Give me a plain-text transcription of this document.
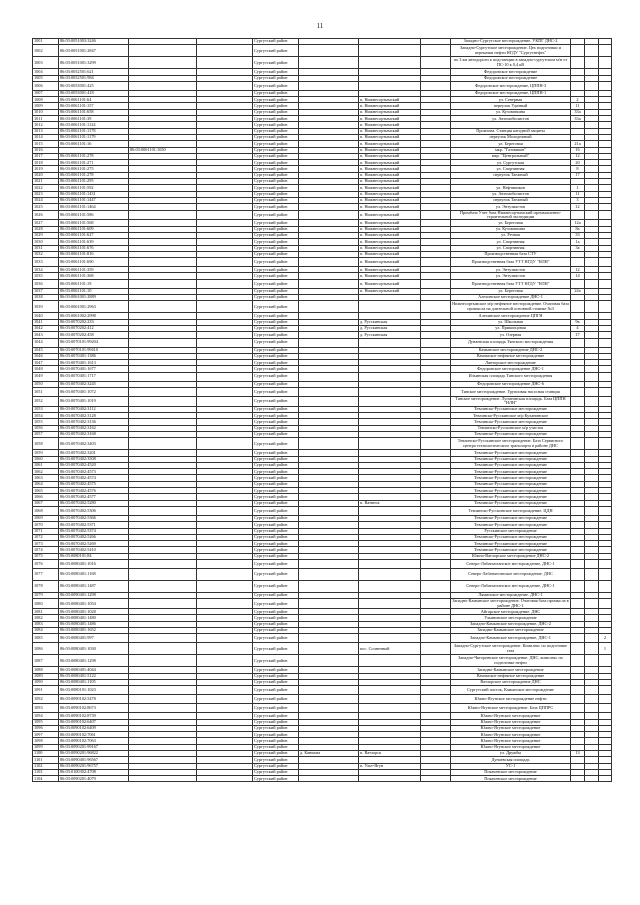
11
1001	86:03:0051003:3246			Сургутский район				Западно-Сургутское месторождение. УКПГ ДНС-2			
1002	86:03:0051001:2847			Сургутский район				Западно-Сургутское месторождение. Цех подготовки и перекачки нефти НГДУ "Сургутнефть"			
1003	86:03:0051001:3299			Сургутский район				по 3 км автодороги к подстанции в западно-сургутском м/н от ПС-10 к 0,4 кВ			
1004	86:03:0052501:621			Сургутский район				Федоровское месторождение			
1005	86:03:0052501:984			Сургутский район				Федоровское месторождение			
1006	86:03:0053001:425			Сургутский район				Федоровское месторождение, ЦППН-3			
1007	86:03:0053001:418			Сургутский район				Федоровское месторождение, ЦППН-1			
1008	86:03:0061101:64			Сургутский район		п. Нижнесортымский		ул. Северная	2		
1009	86:03:0061101:157			Сургутский район		п. Нижнесортымский		переулок Удачный	11		
1010	86:03:0061101:658			Сургутский район		п. Нижнесортымский		ул. Кузоваткина	33а		
1011	86:03:0061101:39			Сургутский район		п. Нижнесортымский		ул. Автомобилистов	33а		
1012	86:03:0061101:1124			Сургутский район		п. Нижнесортымский					
1013	86:03:0061101:1178			Сургутский район		п. Нижнесортымский		Промзона. Станция катодной защиты			
1014	86:03:0061101:1179			Сургутский район		п. Нижнесортымский		переулок Молодежный			
1015	86:03:0061101:16			Сургутский район		п. Нижнесортымский		ул. Береговая	21а		
1016		86:03:0061101:1650		Сургутский район		п. Нижнесортымский		мкр. "Газовиков"	16		
1017	86:03:0061101:278			Сургутский район		п. Нижнесортымский		мкр. "Центральный"	12		
1018	86:03:0061101:271			Сургутский район		п. Нижнесортымский		ул. Сургутская	20		
1019	86:03:0061101:275			Сургутский район		п. Нижнесортымский		ул. Спортивная	8		
1020	86:03:0061101:278			Сургутский район		п. Нижнесортымский		переулок Таежный	17		
1021	86:03:0061101:295			Сургутский район		п. Нижнесортымский					
1022	86:03:0061101:592			Сургутский район		п. Нижнесортымский		ул. Нефтяников	1		
1023	86:03:0061101:1431			Сургутский район		п. Нижнесортымский		ул. Автомобилистов	11		
1024	86:03:0061101:1447			Сургутский район		п. Нижнесортымский		переулок Таежный	3		
1025	86:03:0061101:1464			Сургутский район		п. Нижнесортымский		ул. Энтузиастов	12		
1026	86:03:0061101:586			Сургутский район		п. Нижнесортымский		Промбаза Учет база Нижнесортымский промышленно-строительной экспедиции			
1027	86:03:0061101:568			Сургутский район		п. Нижнесортымский		ул. Береговая	12а		
1028	86:03:0061101:609			Сургутский район		п. Нижнесортымский		ул. Кузоваткина	8а		
1029	86:03:0061101:627			Сургутский район		п. Нижнесортымский		ул. Речная	33		
1030	86:03:0061101:639			Сургутский район		п. Нижнесортымский		ул. Спортивная	1а		
1031	86:03:0061101:676			Сургутский район		п. Нижнесортымский		ул. Спортивная	3а		
1032	86:03:0061101:816			Сургутский район		п. Нижнесортымский		Производственная база СТУ			
1033	86:03:0061101:690			Сургутский район		п. Нижнесортымский		Производственная база УТТ НГДУ "НЛН"			
1034	86:03:0061101:359			Сургутский район		п. Нижнесортымский		ул. Энтузиастов	12		
1035	86:03:0061101:368			Сургутский район		п. Нижнесортымский		ул. Энтузиастов	14		
1036	86:03:0061101:19			Сургутский район		п. Нижнесортымский		Производственная база УТТ НГДУ "НЛН"			
1037	86:03:0061101:10			Сургутский район		п. Нижнесортымский		ул. Береговая	24а		
1038	86:03:0061001:2889			Сургутский район				Алехинское месторождение ДНС-1			
1039	86:03:0061001:2963			Сургутский район				Нижнесортымское м/р нефтяное месторождение. Очаговая база промысла на длительной основной стоянке №3			
1040	86:03:0061002:2998			Сургутский район				Алехинское месторождение ЦПГН			
1041	86:03:0070202:233			Сургутский район		д. Русскинская		ул. Школьная	9в		
1042	86:03:0070202:412			Сургутский район		д. Русскинская		ул. Прикопцовая	4		
1043	86:03:0070202:458			Сургутский район		д. Русскинская		ул. Озерная	17		
1044	86:03:0070101:99204			Сургутский район				Дунаевская площадь Тянского месторождения			
1045	86:03:0070101:99410			Сургутский район				Камынское месторождение ДНС-2			
1046	86:03:0070401:1386			Сургутский район				Вачимское нефтяное месторождение			
1047	86:03:0070401:1613			Сургутский район				Лянторское месторождение			
1048	86:03:0070401:1677			Сургутский район				Федоровское месторождение ДНС-1			
1049	86:03:0070401:1717			Сургутский район				Ильинская площадь Тянского месторождения			
1050	86:03:0070402:3245			Сургутский район				Федоровское месторождение ДНС-6			
1051	86:03:0070401:1072			Сургутский район				Тянское месторождение. Групповая насосная станция			
1052	86:03:0070401:1019			Сургутский район				Тянское месторождение. Лупатинская площадь. База ЦППН "НЛН"			
1053	86:03:0070402:3112			Сургутский район				Тевлинско-Русскинское месторождение			
1054	86:03:0070402:3128			Сургутский район				Тевлинско-Русскинское м/р Куханинское			
1055	86:03:0070402:3136			Сургутский район				Тевлинско-Русскинское месторождение			
1056	86:03:0070402:3162			Сургутский район				Тевлинско-Русскинское м/р участок			
1057	86:03:0070402:3168			Сургутский район				Тевлинско-Русскинское месторождение			
1058	86:03:0070402:3403			Сургутский район				Тевлинско-Русскинское месторождение. База Сервисного центра технологического транспорта в районе ДНС			
1059	86:03:0070402:3201			Сургутский район				Тевлинско-Русскинское месторождение			
1060	86:03:0070402:3508			Сургутский район				Тевлинско-Русскинское месторождение			
1061	86:03:0070402:4520			Сургутский район				Тевлинско-Русскинское месторождение			
1062	86:03:0070402:4573			Сургутский район				Тевлинско-Русскинское месторождение			
1063	86:03:0070402:4574			Сургутский район				Тевлинско-Русскинское месторождение			
1064	86:03:0070402:4575			Сургутский район				Тевлинско-Русскинское месторождение			
1065	86:03:0070402:4576			Сургутский район				Тевлинско-Русскинское месторождение			
1066	86:03:0070402:4577			Сургутский район				Тевлинско-Русскинское месторождение			
1067	86:03:0070402:5280			Сургутский район		п. Ватинск		Тевлинско-Русскинское месторождение			
1068	86:03:0070402:5306			Сургутский район				Тевлинско-Русскинское месторождение. ЦДН			
1069	86:03:0070402:5366			Сургутский район				Тевлинско-Русскинское месторождение			
1070	86:03:0070402:5371			Сургутский район				Тевлинско-Русскинское месторождение			
1071	86:03:0070402:5374			Сургутский район				Русскинское месторождение			
1072	86:03:0070402:5266			Сургутский район				Тевлинско-Русскинское месторождение			
1073	86:03:0070402:5269			Сургутский район				Тевлинско-Русскинское месторождение			
1074	86:03:0070402:5410			Сургутский район				Тевлинско-Русскинское месторождение			
1075	86:03:0080101:84			Сургутский район				Южно-Ватлорское месторождение ДНС-2			
1076	86:03:0080401:1016			Сургутский район				Северо-Лабатьюганское месторождение, ДНС-1			
1077	86:03:0080401:1168			Сургутский район				Северо-Лабатьюганское месторождение. ДНС			
1078	86:03:0080401:1487			Сургутский район				Северо-Лабатьюганское месторождение, ДНС-1			
1079	86:03:0090401:1298			Сургутский район				Ляминское месторождение. ДНС-1			
1080	86:03:0080401:1054			Сургутский район				Западно-Камынское месторождение. Очаговая база промысла в районе ДНС-1			
1081	86:03:0080401:1028			Сургутский район				Айгарское месторождение. ДНС			
1082	86:03:0080401:1480			Сургутский район				Ульяновское месторождение			
1083	86:03:0080401:1486			Сургутский район				Западно-Камынское месторождение, ДНС-2			
1084	86:03:0080401:1652			Сургутский район				Западно-Камынское месторождение			
1085	86:03:0080401:997			Сургутский район				Западно-Камынское месторождение, ДНС-1			2
1086	86:03:0080401:1030			Сургутский район		пос. Солнечный		Западно-Сургутское месторождение. Комплекс по подготовке газа			1
1087	86:03:0080401:1298			Сургутский район				Западно-Чигоринское месторождение. ДНС, комплекс по подготовке нефти			
1088	86:03:0080401:4044			Сургутский район				Западно-Камынское месторождение			
1089	86:03:0080401:5122			Сургутский район				Вачимское нефтяное месторождение			
1090	86:03:0080401:1105			Сургутский район				Ватлорское месторождение ДНС			
1091	86:03:0080101:1023			Сургутский район				Сургутский пасток, Камынское месторождение			
1092	86:03:0090102:5478			Сургутский район				Южно-Ягунское месторождение нефти			
1093	86:03:0090102:8673			Сургутский район				Южно-Ягунское месторождение. База ЦППРС			
1094	86:03:0090102:8739			Сургутский район				Южно-Ягунское месторождение			
1095	86:03:0090102:6407			Сургутский район				Южно-Ягунское месторождение			
1096	86:03:0090102:6409			Сургутский район				Южно-Ягунское месторождение			
1097	86:03:0090102:7061			Сургутский район				Южно-Ягунское месторождение			
1098	86:03:0090102:7063			Сургутский район				Южно-Ягунское месторождение			
1099	86:03:0090201:99167			Сургутский район				Южно-Ягунское месторождение			
1100	86:03:0090201:96822			Сургутский район	д. Каюкова	п. Ватлорск		ул. Дружбы	13		
1101	86:03:0090401:96567			Сургутский район				Дунаевская площадь			
1102	86:03:0090201:96757			Сургутский район		п. Ульт-Ягун		УС-1			
1103	86:03:0100302:4708			Сургутский район				Покачевское месторождение			
1104	86:03:0090201:4079			Сургутский район				Покачевское месторождение			
